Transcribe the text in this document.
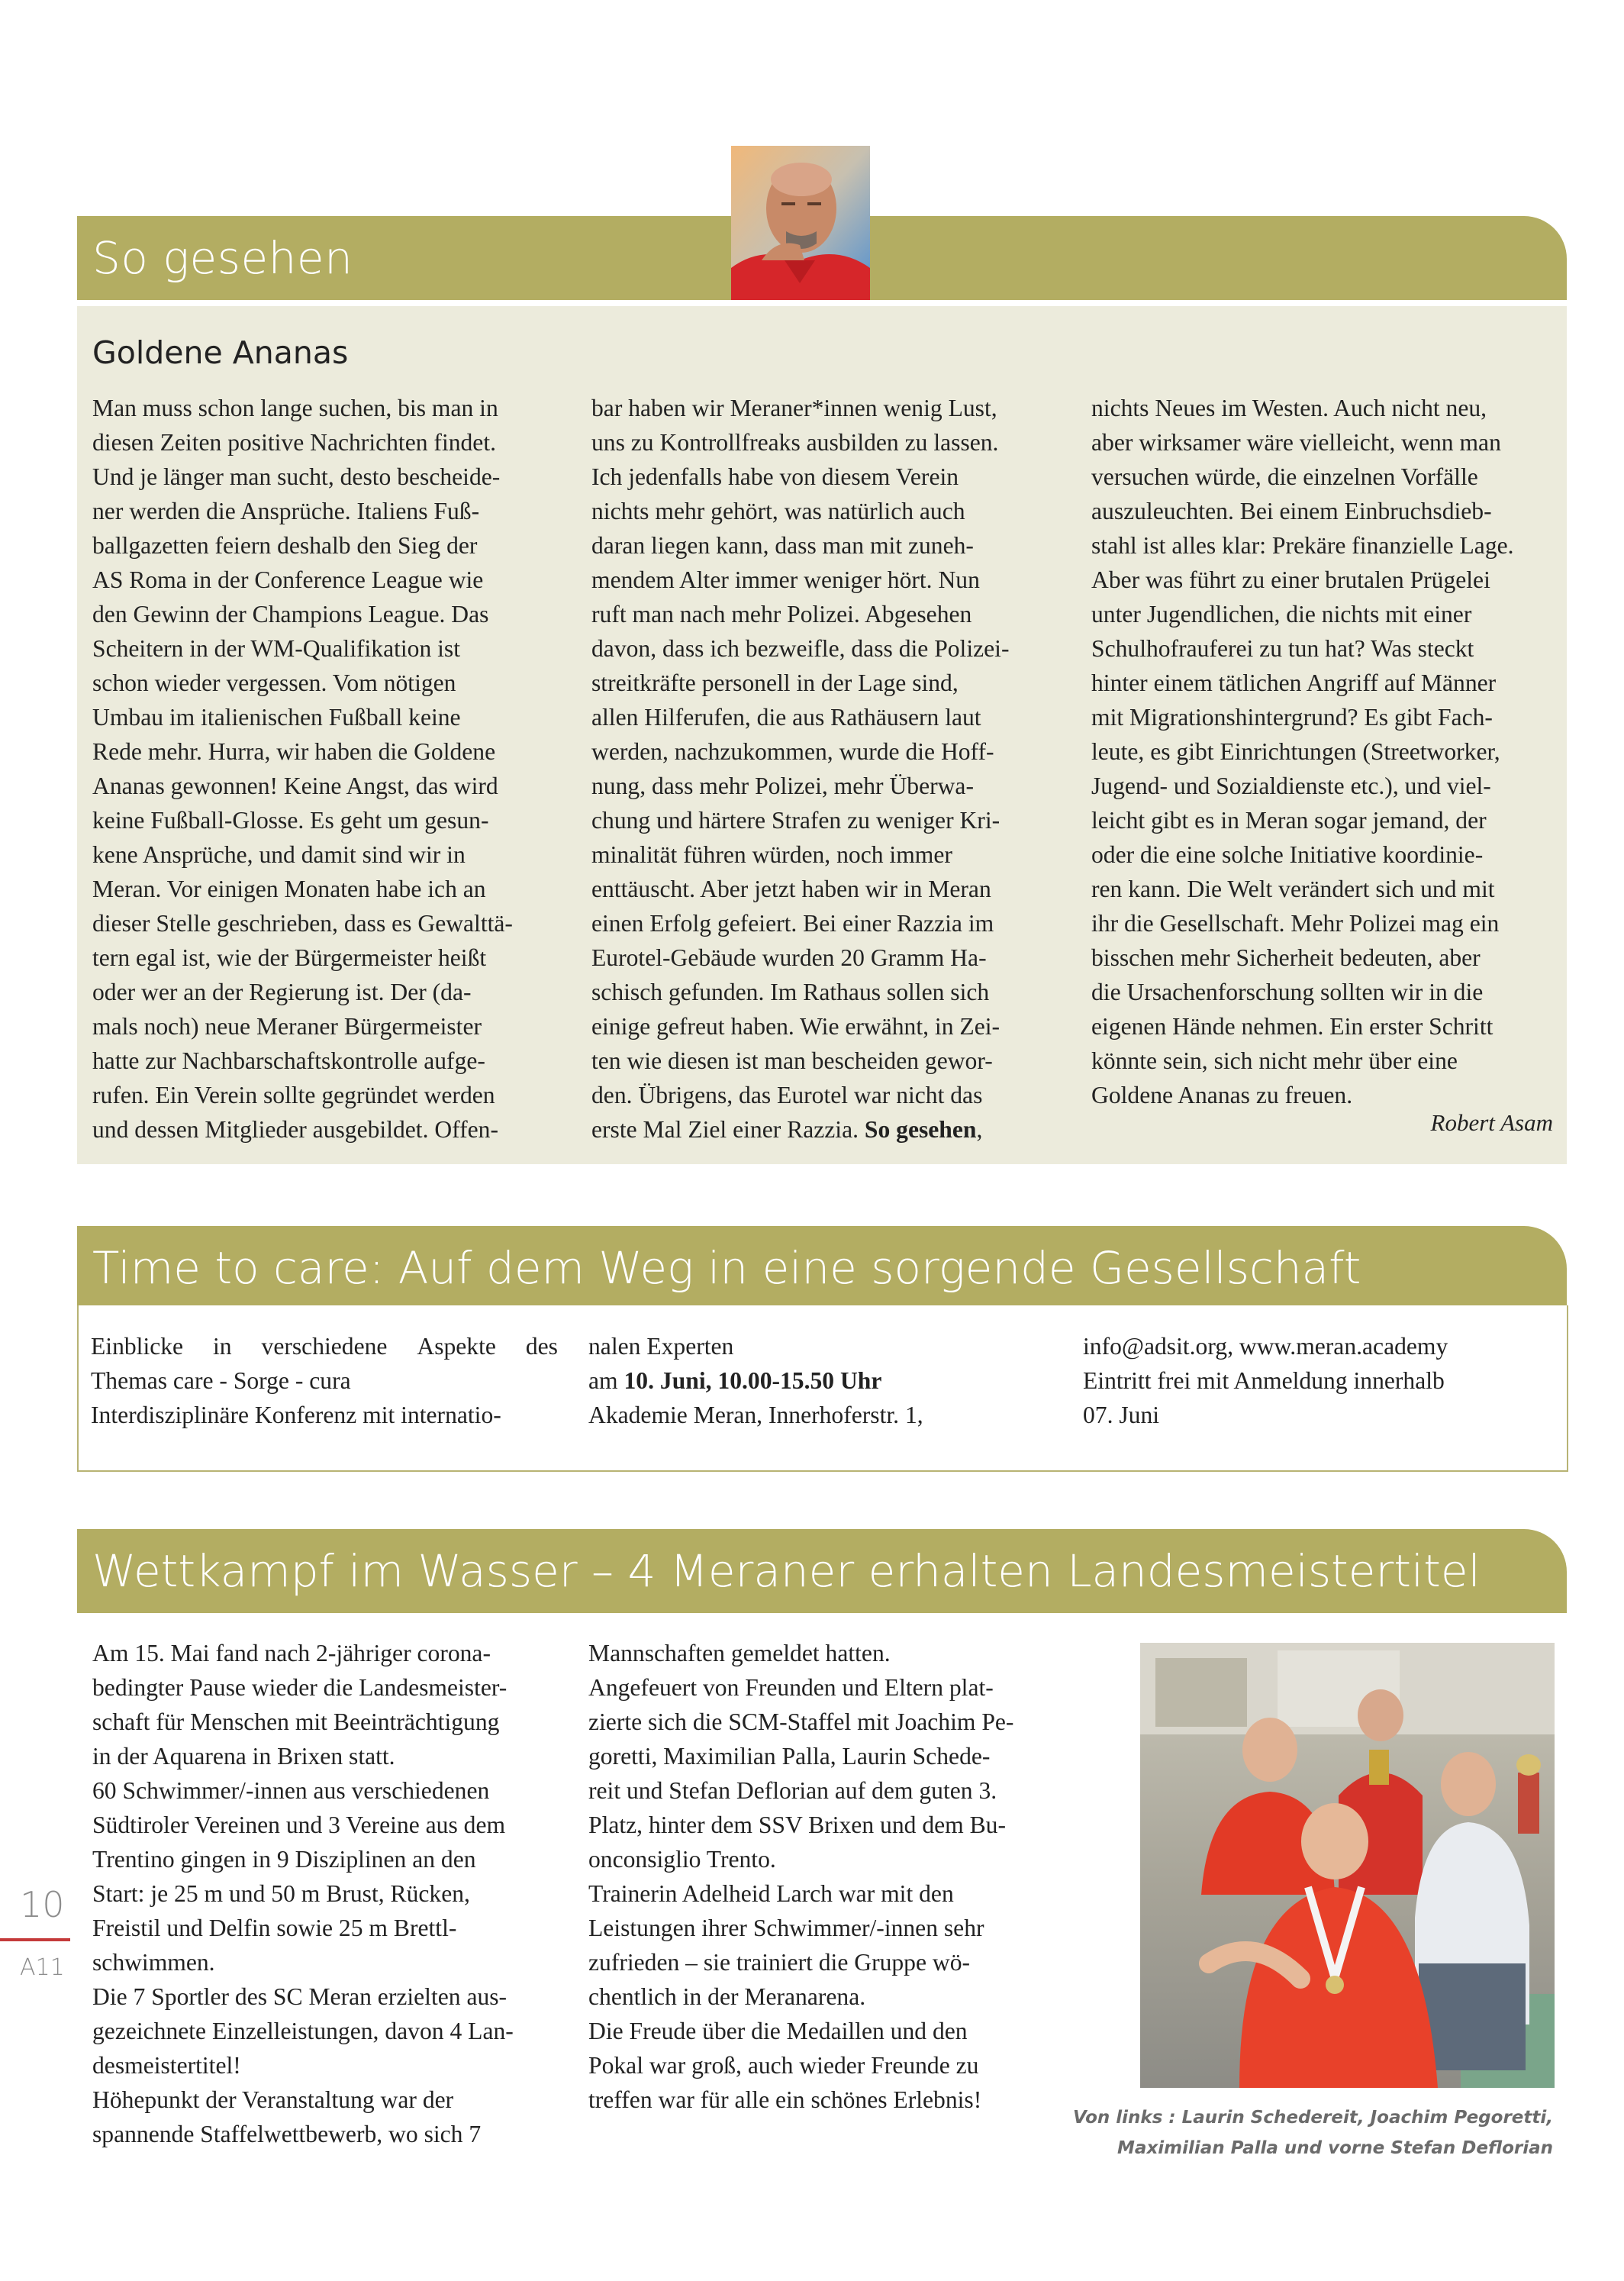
So gesehen
Goldene Ananas
Man muss schon lange suchen, bis man in
diesen Zeiten positive Nachrichten findet.
Und je länger man sucht, desto bescheide-
ner werden die Ansprüche. Italiens Fuß-
ballgazetten feiern deshalb den Sieg der
AS Roma in der Conference League wie
den Gewinn der Champions League. Das
Scheitern in der WM-Qualifikation ist
schon wieder vergessen. Vom nötigen
Umbau im italienischen Fußball keine
Rede mehr. Hurra, wir haben die Goldene
Ananas gewonnen! Keine Angst, das wird
keine Fußball-Glosse. Es geht um gesun-
kene Ansprüche, und damit sind wir in
Meran. Vor einigen Monaten habe ich an
dieser Stelle geschrieben, dass es Gewalttä-
tern egal ist, wie der Bürgermeister heißt
oder wer an der Regierung ist. Der (da-
mals noch) neue Meraner Bürgermeister
hatte zur Nachbarschaftskontrolle aufge-
rufen. Ein Verein sollte gegründet werden
und dessen Mitglieder ausgebildet. Offen-
bar haben wir Meraner*innen wenig Lust,
uns zu Kontrollfreaks ausbilden zu lassen.
Ich jedenfalls habe von diesem Verein
nichts mehr gehört, was natürlich auch
daran liegen kann, dass man mit zuneh-
mendem Alter immer weniger hört. Nun
ruft man nach mehr Polizei. Abgesehen
davon, dass ich bezweifle, dass die Polizei-
streitkräfte personell in der Lage sind,
allen Hilferufen, die aus Rathäusern laut
werden, nachzukommen, wurde die Hoff-
nung, dass mehr Polizei, mehr Überwa-
chung und härtere Strafen zu weniger Kri-
minalität führen würden, noch immer
enttäuscht. Aber jetzt haben wir in Meran
einen Erfolg gefeiert. Bei einer Razzia im
Eurotel-Gebäude wurden 20 Gramm Ha-
schisch gefunden. Im Rathaus sollen sich
einige gefreut haben. Wie erwähnt, in Zei-
ten wie diesen ist man bescheiden gewor-
den. Übrigens, das Eurotel war nicht das
erste Mal Ziel einer Razzia. So gesehen,
nichts Neues im Westen. Auch nicht neu,
aber wirksamer wäre vielleicht, wenn man
versuchen würde, die einzelnen Vorfälle
auszuleuchten. Bei einem Einbruchsdieb-
stahl ist alles klar: Prekäre finanzielle Lage.
Aber was führt zu einer brutalen Prügelei
unter Jugendlichen, die nichts mit einer
Schulhofrauferei zu tun hat? Was steckt
hinter einem tätlichen Angriff auf Männer
mit Migrationshintergrund? Es gibt Fach-
leute, es gibt Einrichtungen (Streetworker,
Jugend- und Sozialdienste etc.), und viel-
leicht gibt es in Meran sogar jemand, der
oder die eine solche Initiative koordinie-
ren kann. Die Welt verändert sich und mit
ihr die Gesellschaft. Mehr Polizei mag ein
bisschen mehr Sicherheit bedeuten, aber
die Ursachenforschung sollten wir in die
eigenen Hände nehmen. Ein erster Schritt
könnte sein, sich nicht mehr über eine
Goldene Ananas zu freuen.
Robert Asam
Time to care: Auf dem Weg in eine sorgende Gesellschaft
Einblicke in verschiedene Aspekte des
Themas care - Sorge - cura
Interdisziplinäre Konferenz mit internatio-
nalen Experten
am 10. Juni, 10.00-15.50 Uhr
Akademie Meran, Innerhoferstr. 1,
info@adsit.org, www.meran.academy
Eintritt frei mit Anmeldung innerhalb
07. Juni
Wettkampf im Wasser – 4 Meraner erhalten Landesmeistertitel
Am 15. Mai fand nach 2-jähriger corona-
bedingter Pause wieder die Landesmeister-
schaft für Menschen mit Beeinträchtigung
in der Aquarena in Brixen statt.
60 Schwimmer/-innen aus verschiedenen
Südtiroler Vereinen und 3 Vereine aus dem
Trentino gingen in 9 Disziplinen an den
Start: je 25 m und 50 m Brust, Rücken,
Freistil und Delfin sowie 25 m Brettl-
schwimmen.
Die 7 Sportler des SC Meran erzielten aus-
gezeichnete Einzelleistungen, davon 4 Lan-
desmeistertitel!
Höhepunkt der Veranstaltung war der
spannende Staffelwettbewerb, wo sich 7
Mannschaften gemeldet hatten.
Angefeuert von Freunden und Eltern plat-
zierte sich die SCM-Staffel mit Joachim Pe-
goretti, Maximilian Palla, Laurin Schede-
reit und Stefan Deflorian auf dem guten 3.
Platz, hinter dem SSV Brixen und dem Bu-
onconsiglio Trento.
Trainerin Adelheid Larch war mit den
Leistungen ihrer Schwimmer/-innen sehr
zufrieden – sie trainiert die Gruppe wö-
chentlich in der Meranarena.
Die Freude über die Medaillen und den
Pokal war groß, auch wieder Freunde zu
treffen war für alle ein schönes Erlebnis!
Von links : Laurin Schedereit, Joachim Pegoretti,
Maximilian Palla und vorne Stefan Deflorian
10
A11
